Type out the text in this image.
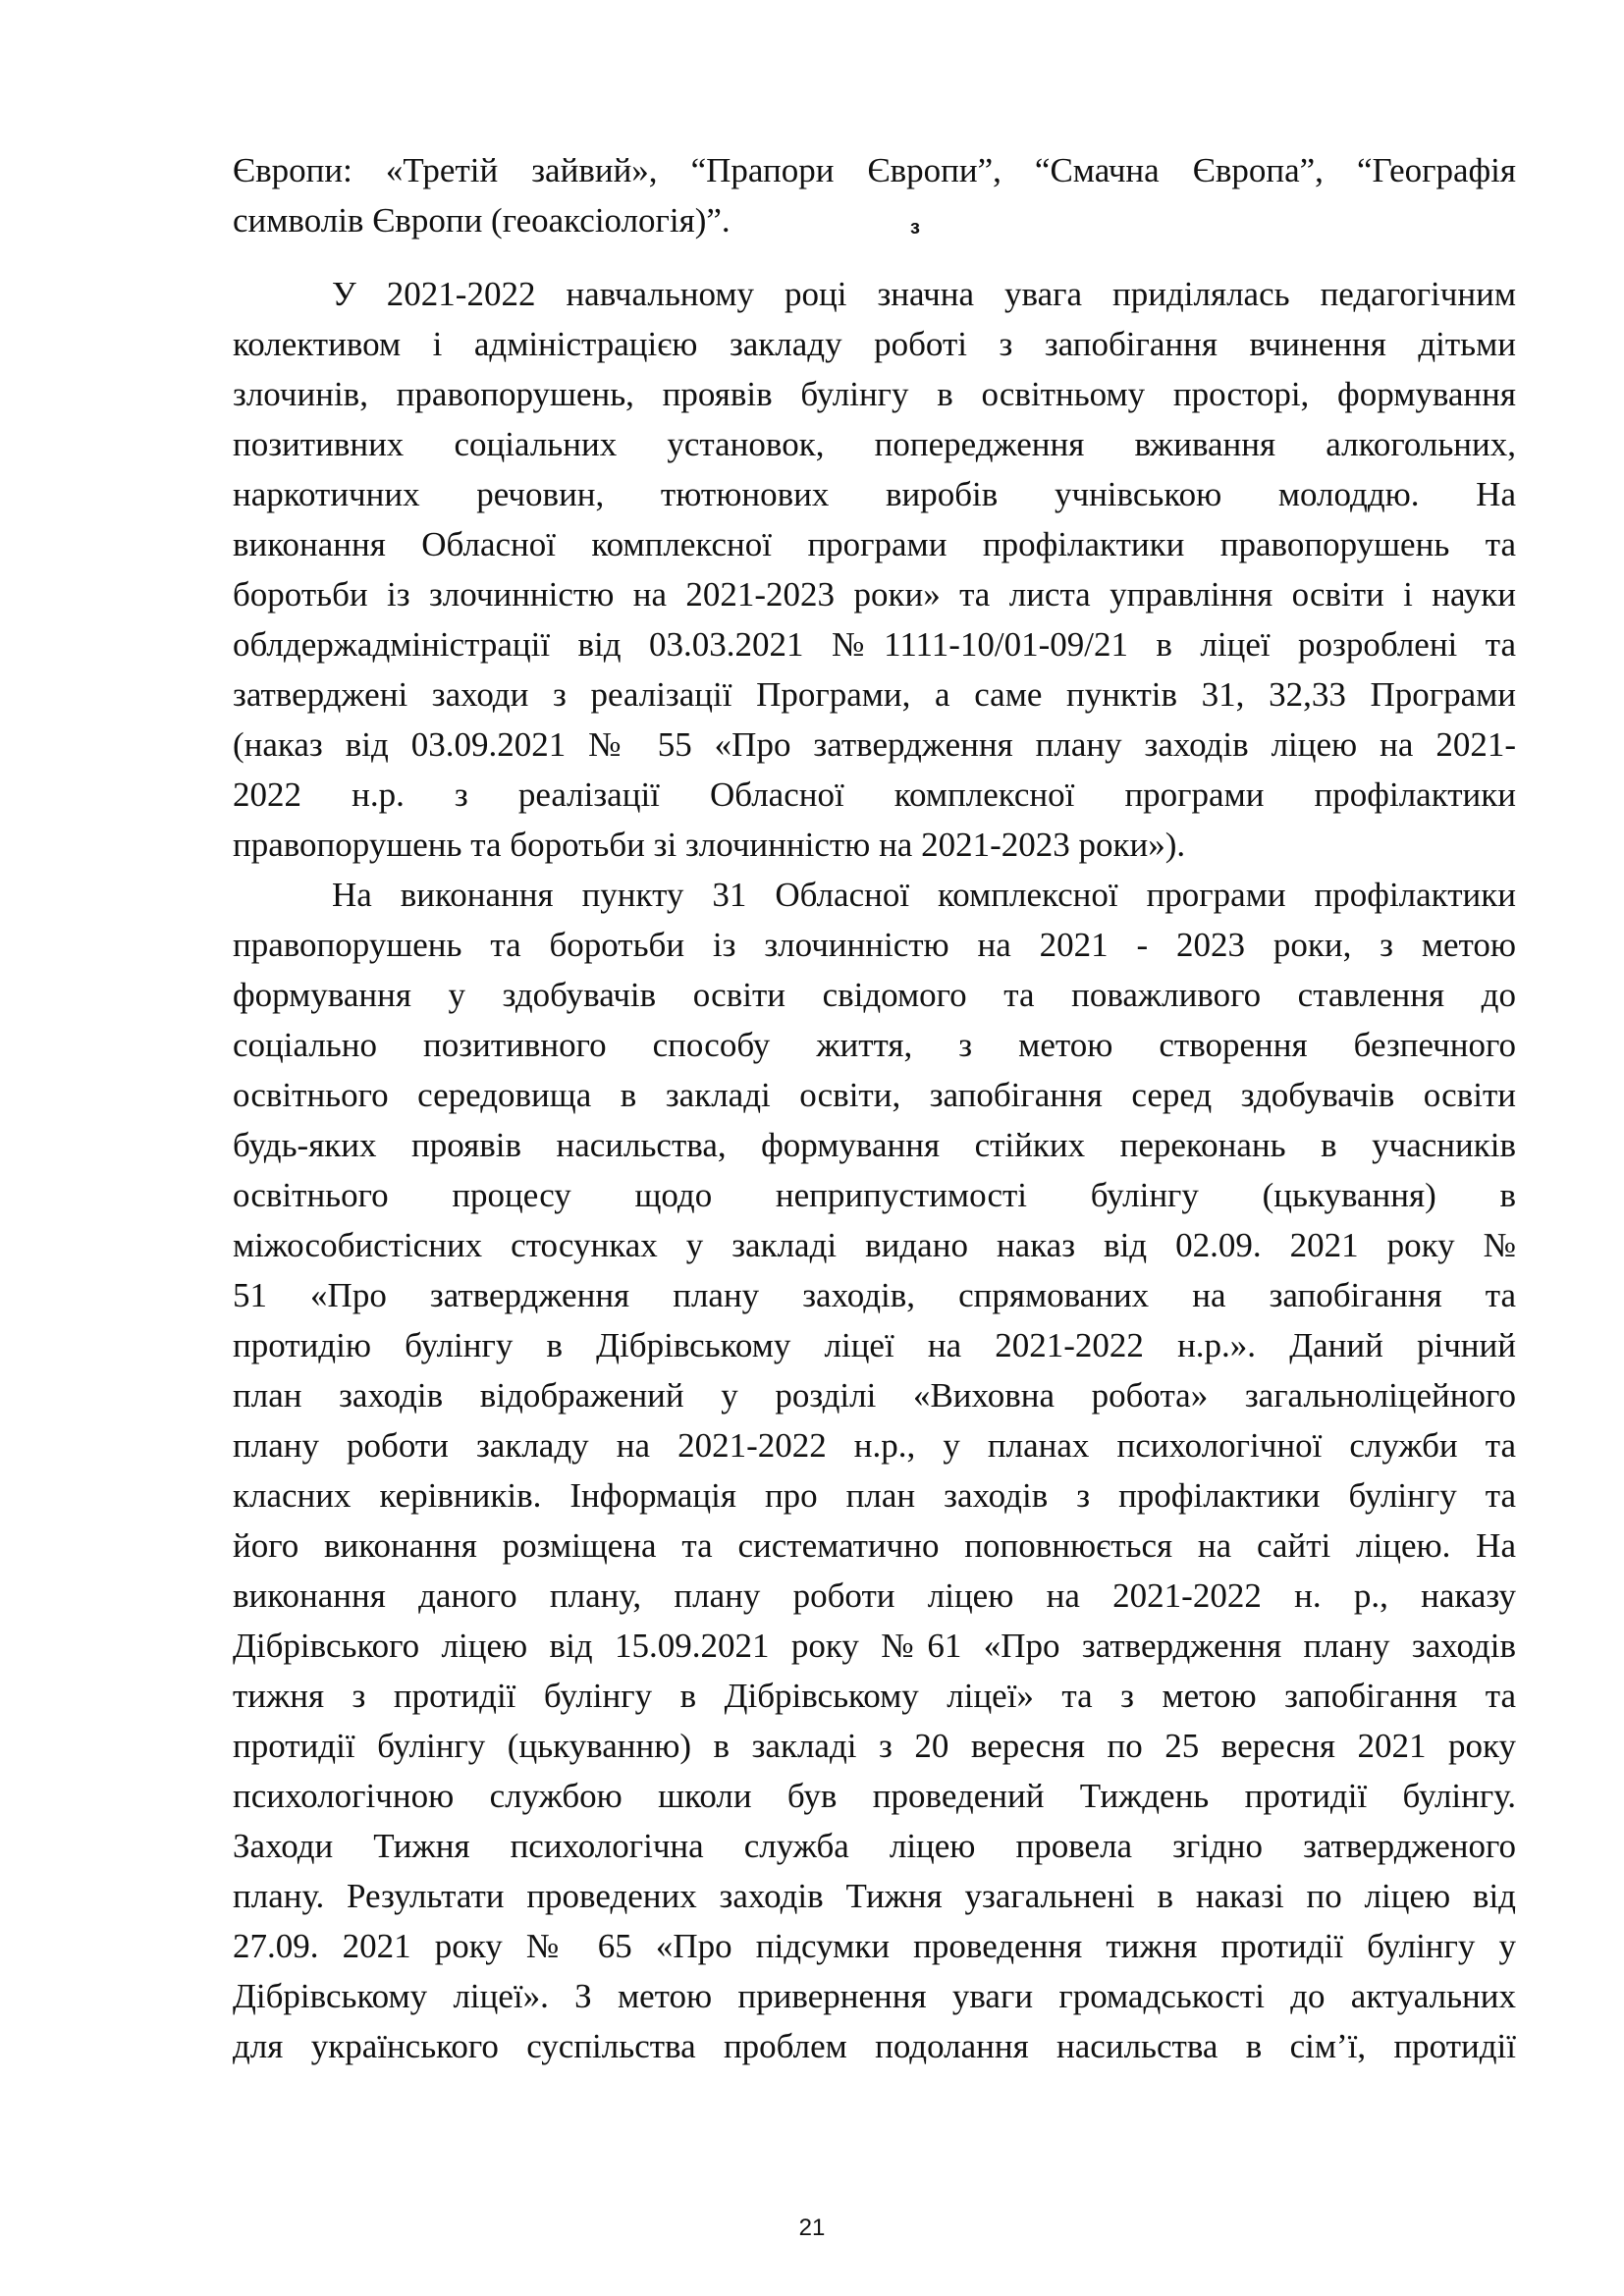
Європи: «Третій зайвий», “Прапори Європи”, “Смачна Європа”, “Географія
символів Європи (геоаксіологія)”.
У 2021-2022 навчальному році значна увага приділялась педагогічним
колективом і адміністрацією закладу роботі з запобігання вчинення дітьми
злочинів, правопорушень, проявів булінгу в освітньому просторі, формування
позитивних соціальних установок, попередження вживання алкогольних,
наркотичних речовин, тютюнових виробів учнівською молоддю. На
виконання Обласної комплексної програми профілактики правопорушень та
боротьби із злочинністю на 2021-2023 роки» та листа управління освіти і науки
облдержадміністрації від 03.03.2021 №1111-10/01-09/21 в ліцеї розроблені та
затверджені заходи з реалізації Програми, а саме пунктів 31, 32,33 Програми
(наказ від 03.09.2021 № 55 «Про затвердження плану заходів ліцею на 2021-
2022 н.р. з реалізації Обласної комплексної програми профілактики
правопорушень та боротьби зі злочинністю на 2021-2023 роки»).
На виконання пункту 31 Обласної комплексної програми профілактики
правопорушень та боротьби із злочинністю на 2021 - 2023 роки, з метою
формування у здобувачів освіти свідомого та поважливого ставлення до
соціально позитивного способу життя, з метою створення безпечного
освітнього середовища в закладі освіти, запобігання серед здобувачів освіти
будь-яких проявів насильства, формування стійких переконань в учасників
освітнього процесу щодо неприпустимості булінгу (цькування) в
міжособистісних стосунках у закладі видано наказ від 02.09. 2021 року №
51 «Про затвердження плану заходів, спрямованих на запобігання та
протидію булінгу в Дібрівському ліцеї на 2021-2022 н.р.». Даний річний
план заходів відображений у розділі «Виховна робота» загальноліцейного
плану роботи закладу на 2021-2022 н.р., у планах психологічної служби та
класних керівників. Інформація про план заходів з профілактики булінгу та
його виконання розміщена та систематично поповнюється на сайті ліцею. На
виконання даного плану, плану роботи ліцею на 2021-2022 н. р., наказу
Дібрівського ліцею від 15.09.2021 року №61 «Про затвердження плану заходів
тижня з протидії булінгу в Дібрівському ліцеї» та з метою запобігання та
протидії булінгу (цькуванню) в закладі з 20 вересня по 25 вересня 2021 року
психологічною службою школи був проведений Тиждень протидії булінгу.
Заходи Тижня психологічна служба ліцею провела згідно затвердженого
плану. Результати проведених заходів Тижня узагальнені в наказі по ліцею від
27.09. 2021 року № 65 «Про підсумки проведення тижня протидії булінгу у
Дібрівському ліцеї». З метою привернення уваги громадськості до актуальних
для українського суспільства проблем подолання насильства в сім’ї, протидії
з
21
